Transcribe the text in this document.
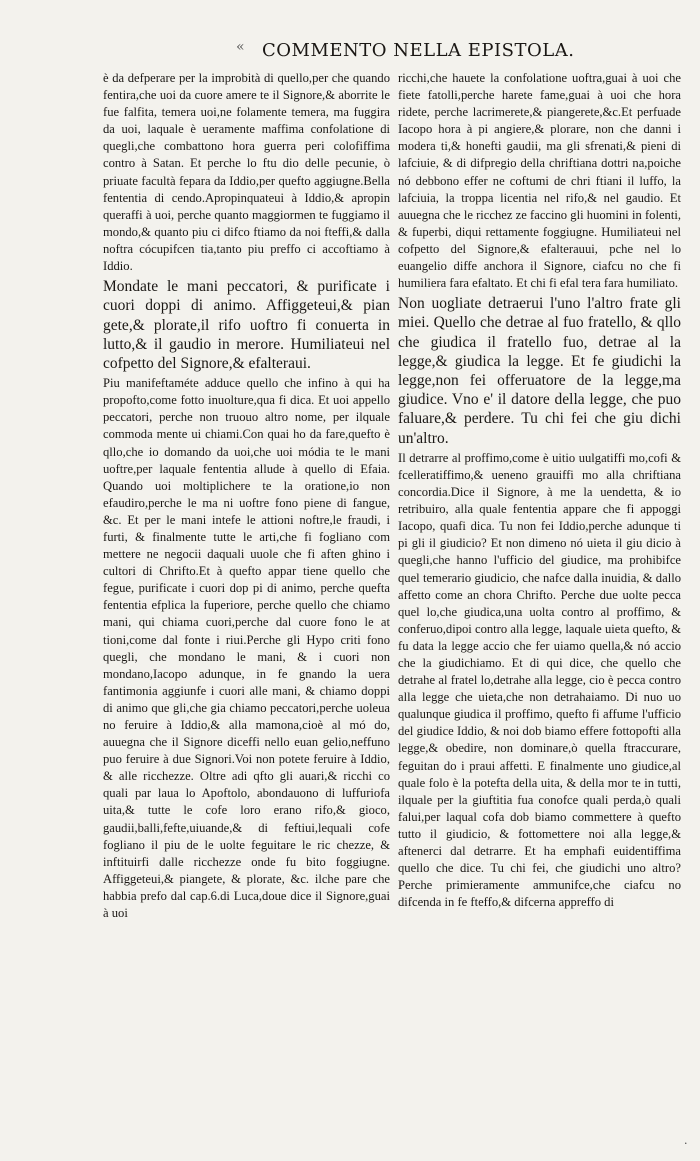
« COMMENTO NELLA EPISTOLA.

è da defperare per la improbità di quello,per che quando fentira,che uoi da cuore amere te il Signore,& aborrite le fue falfita, temera uoi,ne folamente temera, ma fuggira da uoi, laquale è ueramente maffima confolatione di quegli,che combattono hora guerra peri colofiffima contro à Satan. Et perche lo ftu dio delle pecunie, ò priuate facultà fepara da Iddio,per quefto aggiugne.Bella fententia di cendo.Apropinquateui à Iddio,& apropin queraffi à uoi, perche quanto maggiormen te fuggiamo il mondo,& quanto piu ci difco ftiamo da noi fteffi,& dalla noftra cócupifcen tia,tanto piu preffo ci accoftiamo à Iddio.

Mondate le mani peccatori, & purificate i cuori doppi di animo. Affiggeteui,& pian gete,& plorate,il rifo uoftro fi conuerta in lutto,& il gaudio in merore. Humiliateui nel cofpetto del Signore,& efalteraui.

Piu manifeftaméte adduce quello che infino à qui ha propofto,come fotto inuolture,qua fi dica. Et uoi appello peccatori, perche non truouo altro nome, per ilquale commoda mente ui chiami.Con quai ho da fare,quefto è qllo,che io domando da uoi,che uoi módia te le mani uoftre,per laquale fententia allude à quello di Efaia. Quando uoi moltiplichere te la oratione,io non efaudiro,perche le ma ni uoftre fono piene di fangue, &c. Et per le mani intefe le attioni noftre,le fraudi, i furti, & finalmente tutte le arti,che fi fogliano com mettere ne negocii daquali uuole che fi aften ghino i cultori di Chrifto.Et à quefto appar tiene quello che fegue, purificate i cuori dop pi di animo, perche quefta fententia efplica la fuperiore, perche quello che chiamo mani, qui chiama cuori,perche dal cuore fono le at tioni,come dal fonte i riui.Perche gli Hypo criti fono quegli, che mondano le mani, & i cuori non mondano,Iacopo adunque, in fe gnando la uera fantimonia aggiunfe i cuori alle mani, & chiamo doppi di animo que gli,che gia chiamo peccatori,perche uoleua no feruire à Iddio,& alla mamona,cioè al mó do, auuegna che il Signore diceffi nello euan gelio,neffuno puo feruire à due Signori.Voi non potete feruire à Iddio, & alle ricchezze. Oltre adi qfto gli auari,& ricchi co quali par laua lo Apoftolo, abondauono di luffuriofa uita,& tutte le cofe loro erano rifo,& gioco, gaudii,balli,fefte,uiuande,& di feftiui,lequali cofe fogliano il piu de le uolte feguitare le ric chezze, & inftituirfi dalle ricchezze onde fu bito foggiugne. Affiggeteui,& piangete, & plorate, &c. ilche pare che habbia prefo dal cap.6.di Luca,doue dice il Signore,guai à uoi

ricchi,che hauete la confolatione uoftra,guai à uoi che fiete fatolli,perche harete fame,guai à uoi che hora ridete, perche lacrimerete,& piangerete,&c.Et perfuade Iacopo hora à pi angiere,& plorare, non che danni i modera ti,& honefti gaudii, ma gli sfrenati,& pieni di lafciuie, & di difpregio della chriftiana dottri na,poiche nó debbono effer ne coftumi de chri ftiani il luffo, la lafciuia, la troppa licentia nel rifo,& nel gaudio. Et auuegna che le ricchez ze faccino gli huomini in folenti, & fuperbi, diqui rettamente foggiugne. Humiliateui nel cofpetto del Signore,& efalterauui, pche nel lo euangelio diffe anchora il Signore, ciafcu no che fi humiliera fara efaltato. Et chi fi efal tera fara humiliato.

Non uogliate detraerui l'uno l'altro frate gli miei. Quello che detrae al fuo fratello, & qllo che giudica il fratello fuo, detrae al la legge,& giudica la legge. Et fe giudichi la legge,non fei offeruatore de la legge,ma giudice. Vno e' il datore della legge, che puo faluare,& perdere. Tu chi fei che giu dichi un'altro.

Il detrarre al proffimo,come è uitio uulgatiffi mo,cofi & fcelleratiffimo,& ueneno grauiffi mo alla chriftiana concordia.Dice il Signore, à me la uendetta, & io retribuiro, alla quale fententia appare che fi appoggi Iacopo, quafi dica. Tu non fei Iddio,perche adunque ti pi gli il giudicio? Et non dimeno nó uieta il giu dicio à quegli,che hanno l'ufficio del giudice, ma prohibifce quel temerario giudicio, che nafce dalla inuidia, & dallo affetto come an chora Chrifto. Perche due uolte pecca quel lo,che giudica,una uolta contro al proffimo, & conferuo,dipoi contro alla legge, laquale uieta quefto, & fu data la legge accio che fer uiamo quella,& nó accio che la giudichiamo. Et di qui dice, che quello che detrahe al fratel lo,detrahe alla legge, cio è pecca contro alla legge che uieta,che non detrahaiamo. Di nuo uo qualunque giudica il proffimo, quefto fi affume l'ufficio del giudice Iddio, & noi dob biamo effere fottopofti alla legge,& obedire, non dominare,ò quella ftraccurare, feguitan do i praui affetti. E finalmente uno giudice,al quale folo è la potefta della uita, & della mor te in tutti, ilquale per la giuftitia fua conofce quali perda,ò quali falui,per laqual cofa dob biamo commettere à quefto tutto il giudicio, & fottomettere noi alla legge,& aftenerci dal detrarre. Et ha emphafi euidentiffima quello che dice. Tu chi fei, che giudichi uno altro? Perche primieramente ammunifce,che ciafcu no difcenda in fe fteffo,& difcerna appreffo di

.
